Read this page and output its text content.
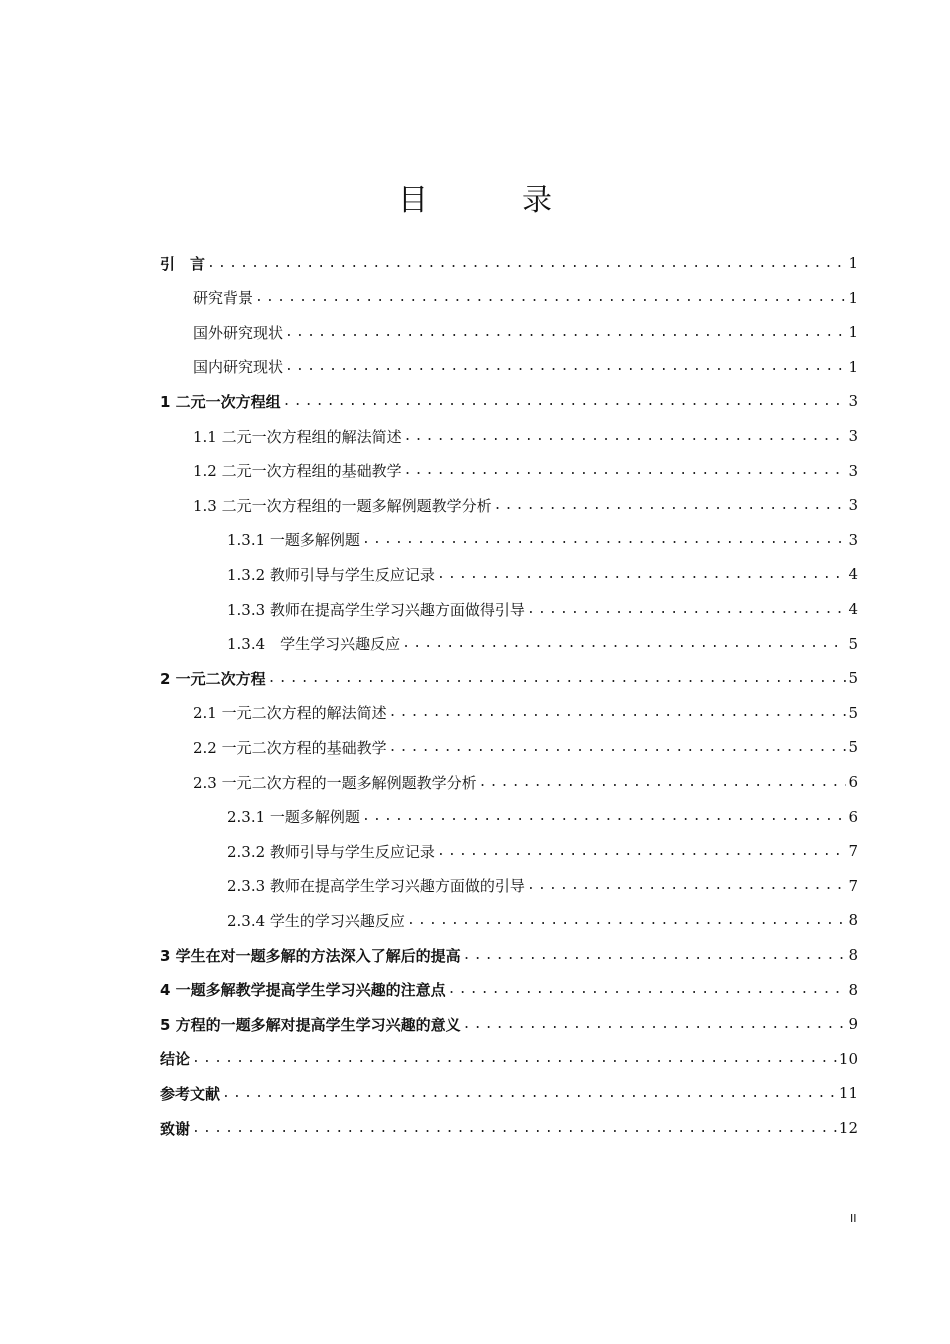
目　录
引　言 .....	1
研究背景 .....	1
国外研究现状 .....	1
国内研究现状 .....	1
1 二元一次方程组 .....	3
1.1 二元一次方程组的解法简述 .....	3
1.2 二元一次方程组的基础教学 .....	3
1.3 二元一次方程组的一题多解例题教学分析 .....	3
1.3.1 一题多解例题 .....	3
1.3.2 教师引导与学生反应记录 .....	4
1.3.3 教师在提高学生学习兴趣方面做得引导 .....	4
1.3.4　学生学习兴趣反应 .....	5
2 一元二次方程 .....	5
2.1 一元二次方程的解法简述 .....	5
2.2 一元二次方程的基础教学 .....	5
2.3 一元二次方程的一题多解例题教学分析 .....	6
2.3.1 一题多解例题 .....	6
2.3.2 教师引导与学生反应记录 .....	7
2.3.3 教师在提高学生学习兴趣方面做的引导 .....	7
2.3.4 学生的学习兴趣反应 .....	8
3 学生在对一题多解的方法深入了解后的提高 .....	8
4 一题多解教学提高学生学习兴趣的注意点 .....	8
5 方程的一题多解对提高学生学习兴趣的意义 .....	9
结论 .....	10
参考文献 .....	11
致谢 .....	12
II
